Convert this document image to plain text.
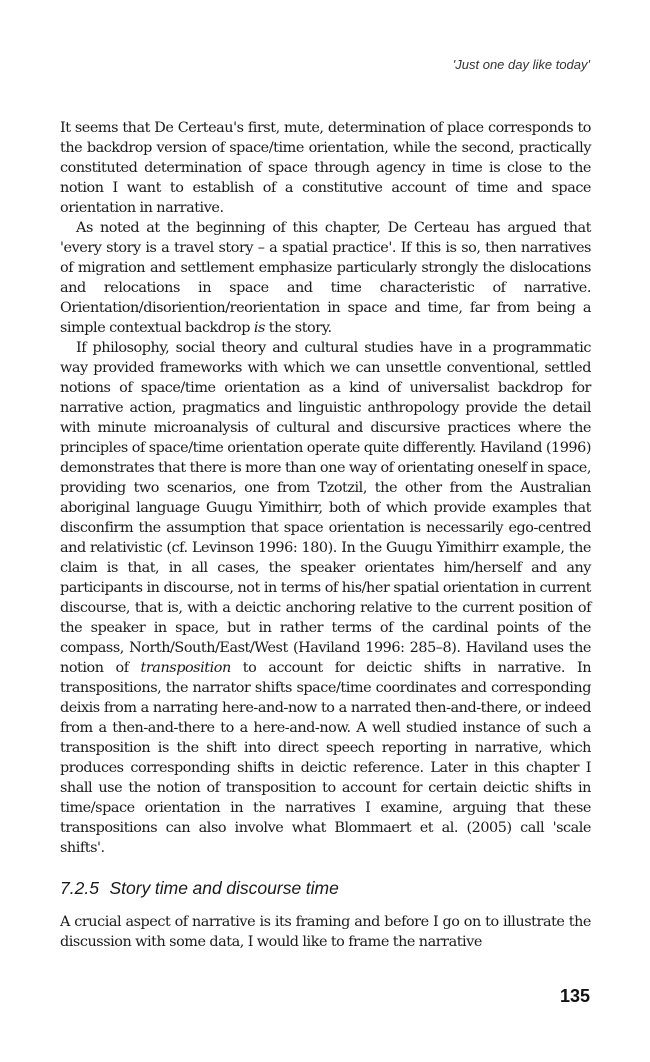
'Just one day like today'

It seems that De Certeau's first, mute, determination of place corresponds to the backdrop version of space/time orientation, while the second, practically constituted determination of space through agency in time is close to the notion I want to establish of a constitutive account of time and space orientation in narrative.

As noted at the beginning of this chapter, De Certeau has argued that 'every story is a travel story – a spatial practice'. If this is so, then narratives of migration and settlement emphasize particularly strongly the dislocations and relocations in space and time characteristic of narrative. Orientation/disoriention/reorientation in space and time, far from being a simple contextual backdrop is the story.

If philosophy, social theory and cultural studies have in a programmatic way provided frameworks with which we can unsettle conventional, settled notions of space/time orientation as a kind of universalist backdrop for narrative action, pragmatics and linguistic anthropology provide the detail with minute microanalysis of cultural and discursive practices where the principles of space/time orientation operate quite differently. Haviland (1996) demonstrates that there is more than one way of orientating oneself in space, providing two scenarios, one from Tzotzil, the other from the Australian aboriginal language Guugu Yimithirr, both of which provide examples that disconfirm the assumption that space orientation is necessarily ego-centred and relativistic (cf. Levinson 1996: 180). In the Guugu Yimithirr example, the claim is that, in all cases, the speaker orientates him/herself and any participants in discourse, not in terms of his/her spatial orientation in current discourse, that is, with a deictic anchoring relative to the current position of the speaker in space, but in rather terms of the cardinal points of the compass, North/South/East/West (Haviland 1996: 285–8). Haviland uses the notion of transposition to account for deictic shifts in narrative. In transpositions, the narrator shifts space/time coordinates and corresponding deixis from a narrating here-and-now to a narrated then-and-there, or indeed from a then-and-there to a here-and-now. A well studied instance of such a transposition is the shift into direct speech reporting in narrative, which produces corresponding shifts in deictic reference. Later in this chapter I shall use the notion of transposition to account for certain deictic shifts in time/space orientation in the narratives I examine, arguing that these transpositions can also involve what Blommaert et al. (2005) call 'scale shifts'.

7.2.5 Story time and discourse time

A crucial aspect of narrative is its framing and before I go on to illustrate the discussion with some data, I would like to frame the narrative

135
